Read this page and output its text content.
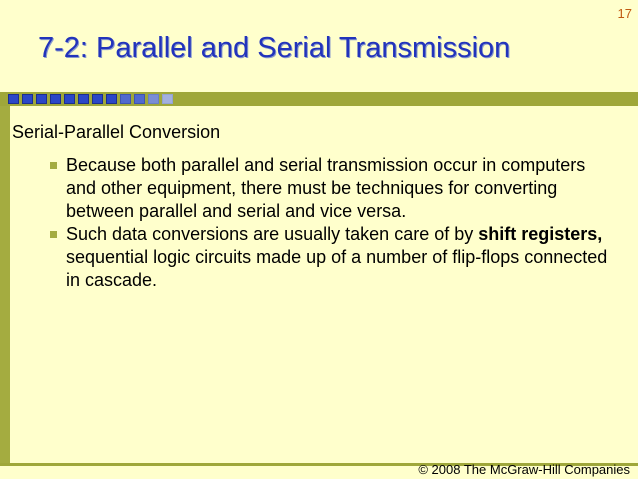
17
7-2: Parallel and Serial Transmission
Serial-Parallel Conversion
Because both parallel and serial transmission occur in computers and other equipment, there must be techniques for converting between parallel and serial and vice versa.
Such data conversions are usually taken care of by shift registers, sequential logic circuits made up of a number of flip-flops connected in cascade.
© 2008 The McGraw-Hill Companies
